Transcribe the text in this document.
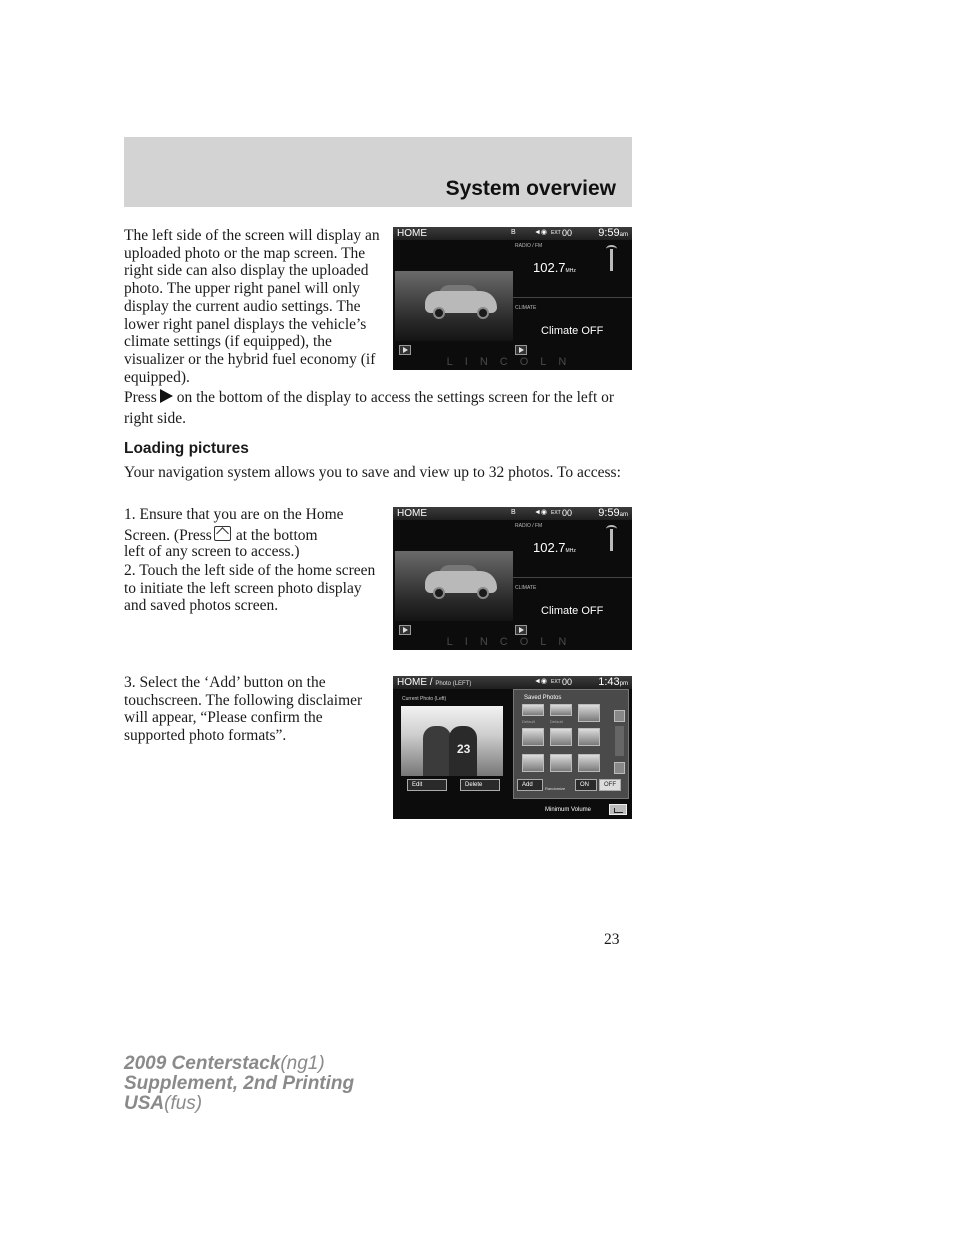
System overview

The left side of the screen will display an uploaded photo or the map screen. The right side can also display the uploaded photo. The upper right panel will only display the current audio settings. The lower right panel displays the vehicle’s climate settings (if equipped), the visualizer or the hybrid fuel economy (if equipped).

Press on the bottom of the display to access the settings screen for the left or right side.

HOME	B	◄◉ EXT 00 9:59am
RADIO / FM
102.7MHz
CLIMATE
Climate OFF
LINCOLN
Loading pictures

Your navigation system allows you to save and view up to 32 photos. To access:

1. Ensure that you are on the Home
Screen. (Press at the bottom

left of any screen to access.)

2. Touch the left side of the home screen to initiate the left screen photo display and saved photos screen.

HOME	B	◄◉ EXT 00 9:59am
RADIO / FM
102.7MHz
CLIMATE
Climate OFF
LINCOLN

3. Select the ‘Add’ button on the touchscreen. The following disclaimer will appear, “Please confirm the supported photo formats”.

HOME / Photo (LEFT)	◄◉ EXT 00 1:43pm
Current Photo (Left)
23
Saved Photos
Default	Default
Edit	Delete	Add
Randomize
ON	OFF
Minimum Volume
23
2009 Centerstack(ng1)
Supplement, 2nd Printing
USA(fus)
